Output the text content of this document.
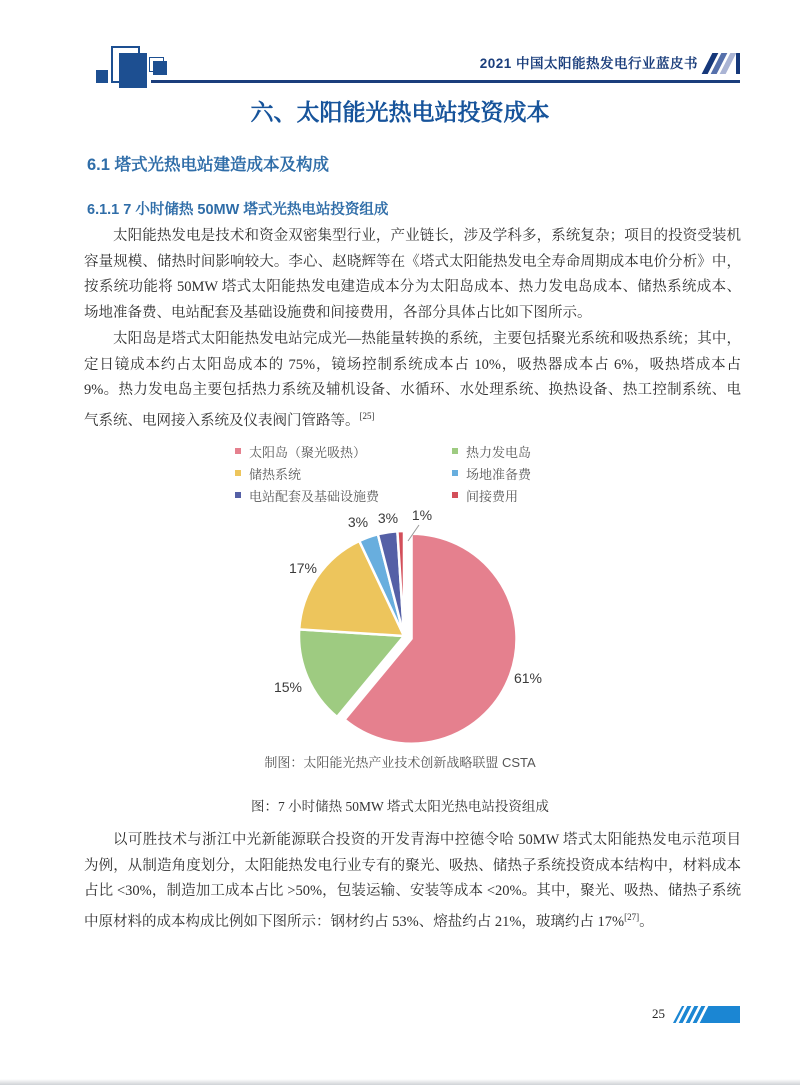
2021 中国太阳能热发电行业蓝皮书
六、太阳能光热电站投资成本
6.1 塔式光热电站建造成本及构成
6.1.1 7 小时储热 50MW 塔式光热电站投资组成

太阳能热发电是技术和资金双密集型行业，产业链长，涉及学科多，系统复杂；项目的投资受装机容量规模、储热时间影响较大。李心、赵晓辉等在《塔式太阳能热发电全寿命周期成本电价分析》中，按系统功能将 50MW 塔式太阳能热发电建造成本分为太阳岛成本、热力发电岛成本、储热系统成本、场地准备费、电站配套及基础设施费和间接费用，各部分具体占比如下图所示。

太阳岛是塔式太阳能热发电站完成光—热能量转换的系统，主要包括聚光系统和吸热系统；其中，定日镜成本约占太阳岛成本的 75%，镜场控制系统成本占 10%，吸热器成本占 6%，吸热塔成本占 9%。热力发电岛主要包括热力系统及辅机设备、水循环、水处理系统、换热设备、热工控制系统、电气系统、电网接入系统及仪表阀门管路等。[25]

太阳岛（聚光吸热）
储热系统
电站配套及基础设施费
热力发电岛
场地准备费
间接费用
61%
15%
17%
3% 3% 1%
制图：太阳能光热产业技术创新战略联盟 CSTA
图：7 小时储热 50MW 塔式太阳光热电站投资组成

以可胜技术与浙江中光新能源联合投资的开发青海中控德令哈 50MW 塔式太阳能热发电示范项目为例，从制造角度划分，太阳能热发电行业专有的聚光、吸热、储热子系统投资成本结构中，材料成本占比 <30%，制造加工成本占比 >50%，包装运输、安装等成本 <20%。其中，聚光、吸热、储热子系统中原材料的成本构成比例如下图所示：钢材约占 53%、熔盐约占 21%，玻璃约占 17%[27]。

25
